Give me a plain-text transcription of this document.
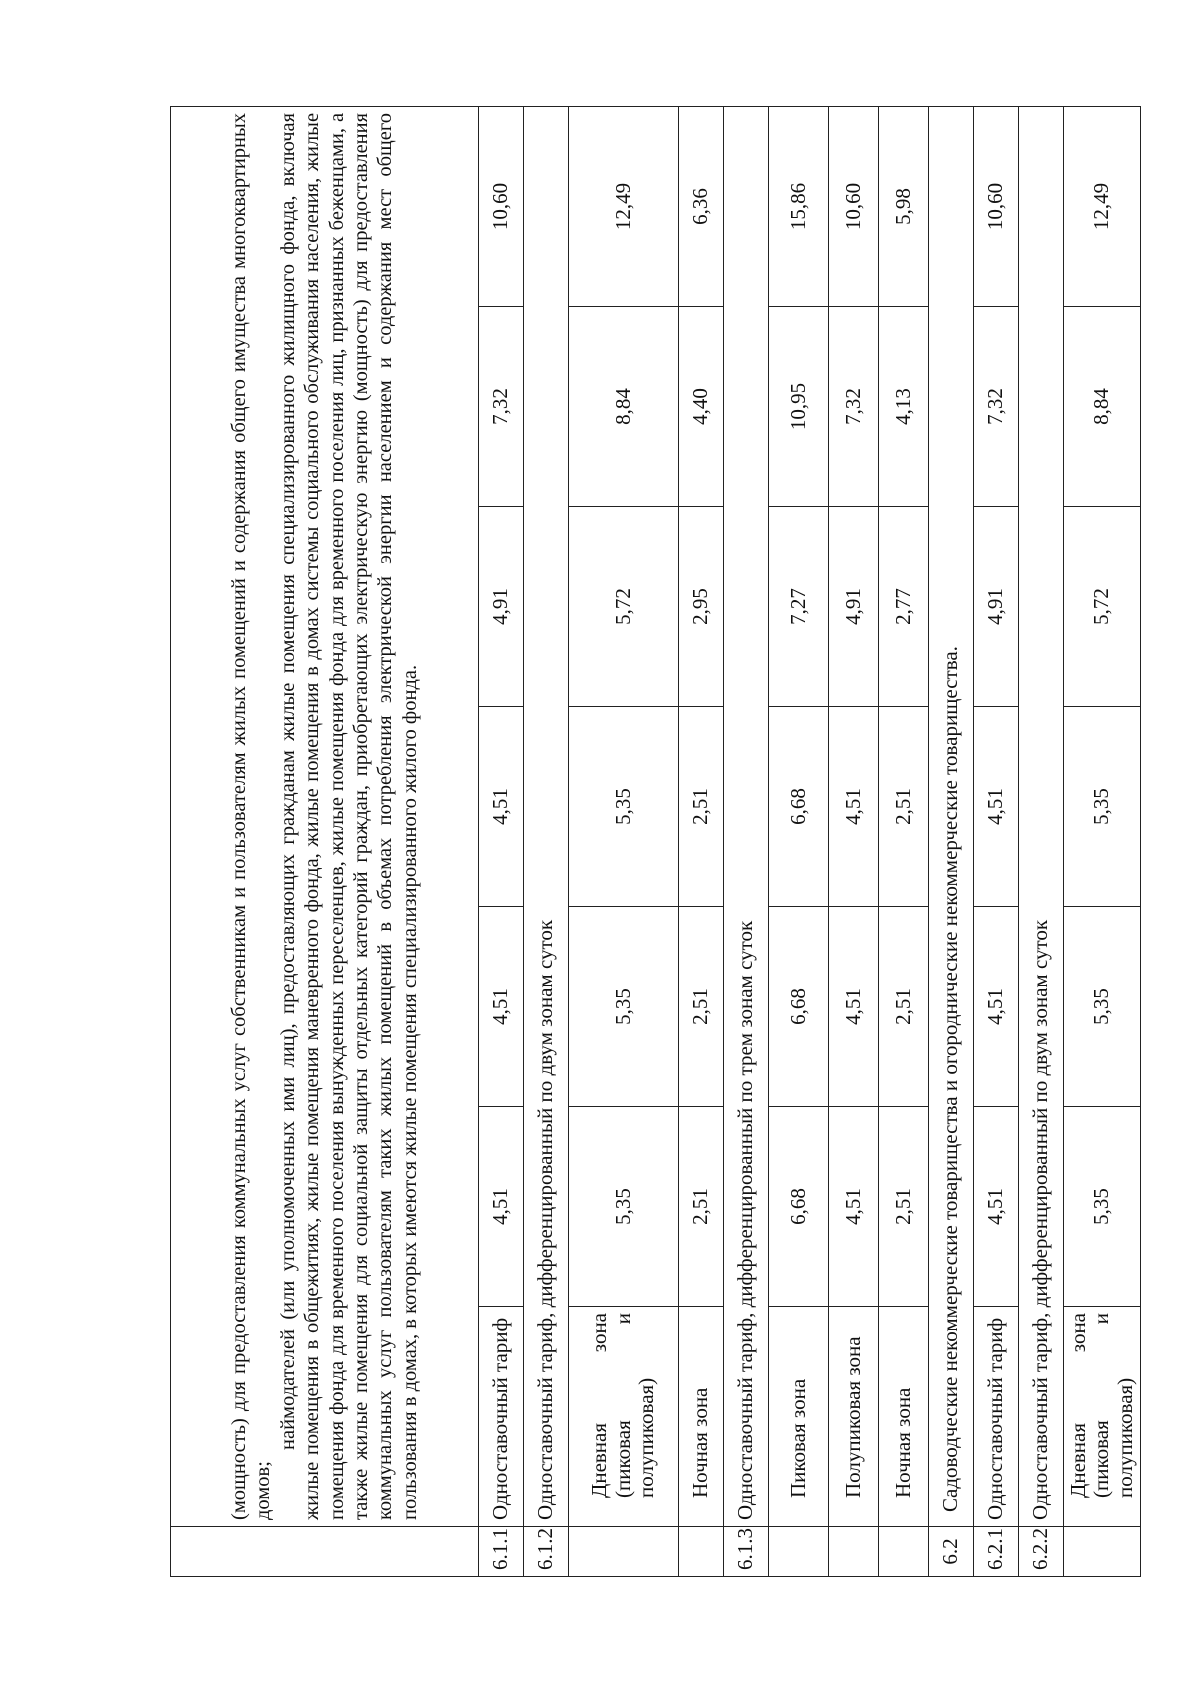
	(мощность) для предоставления коммунальных услуг собственникам и пользователям жилых помещений и содержания общего имущества многоквартирных домов;

наймодателей (или уполномоченных ими лиц), предоставляющих гражданам жилые помещения специализированного жилищного фонда, включая жилые помещения в общежитиях, жилые помещения маневренного фонда, жилые помещения в домах системы социального обслуживания населения, жилые помещения фонда для временного поселения вынужденных переселенцев, жилые помещения фонда для временного поселения лиц, признанных беженцами, а также жилые помещения для социальной защиты отдельных категорий граждан, приобретающих электрическую энергию (мощность) для предоставления коммунальных услуг пользователям таких жилых помещений в объемах потребления электрической энергии населением и содержания мест общего пользования в домах, в которых имеются жилые помещения специализированного жилого фонда.						

6.1.1	Одноставочный тариф	4,51	4,51	4,51	4,91	7,32	10,60
6.1.2	Одноставочный тариф, дифференцированный по двум зонам суток						
	Дневная зона (пиковая и полупиковая)	5,35	5,35	5,35	5,72	8,84	12,49
	Ночная зона	2,51	2,51	2,51	2,95	4,40	6,36
6.1.3	Одноставочный тариф, дифференцированный по трем зонам суток						
	Пиковая зона	6,68	6,68	6,68	7,27	10,95	15,86
	Полупиковая зона	4,51	4,51	4,51	4,91	7,32	10,60
	Ночная зона	2,51	2,51	2,51	2,77	4,13	5,98
6.2	Садоводческие некоммерческие товарищества и огороднические некоммерческие товарищества.						
6.2.1	Одноставочный тариф	4,51	4,51	4,51	4,91	7,32	10,60
6.2.2	Одноставочный тариф, дифференцированный по двум зонам суток						
	Дневная зона (пиковая и полупиковая)	5,35	5,35	5,35	5,72	8,84	12,49
